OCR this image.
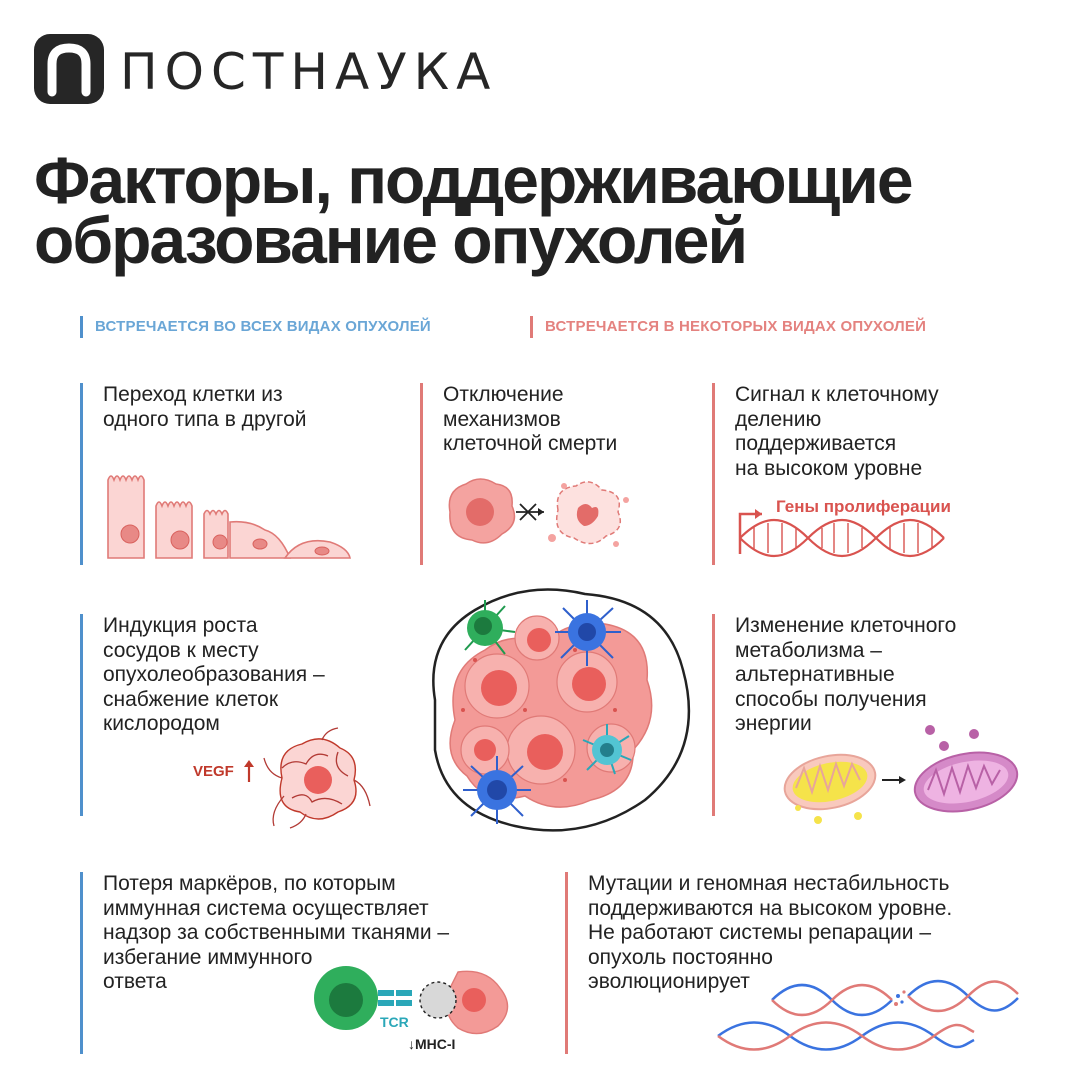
ПОСТНАУКА
Факторы, поддерживающие
образование опухолей
ВСТРЕЧАЕТСЯ ВО ВСЕХ ВИДАХ ОПУХОЛЕЙ	ВСТРЕЧАЕТСЯ В НЕКОТОРЫХ ВИДАХ ОПУХОЛЕЙ
Переход клетки из
одного типа в другой
Отключение
механизмов
клеточной смерти
Сигнал к клеточному
делению
поддерживается
на высоком уровне
Гены пролиферации
Индукция роста
сосудов к месту
опухолеобразования –
снабжение клеток
кислородом
VEGF
Изменение клеточного
метаболизма –
альтернативные
способы получения
энергии
Потеря маркёров, по которым
иммунная система осуществляет
надзор за собственными тканями –
избегание иммунного
ответа
TCR
↓MHC-I
Мутации и геномная нестабильность
поддерживаются на высоком уровне.
Не работают системы репарации –
опухоль постоянно
эволюционирует
